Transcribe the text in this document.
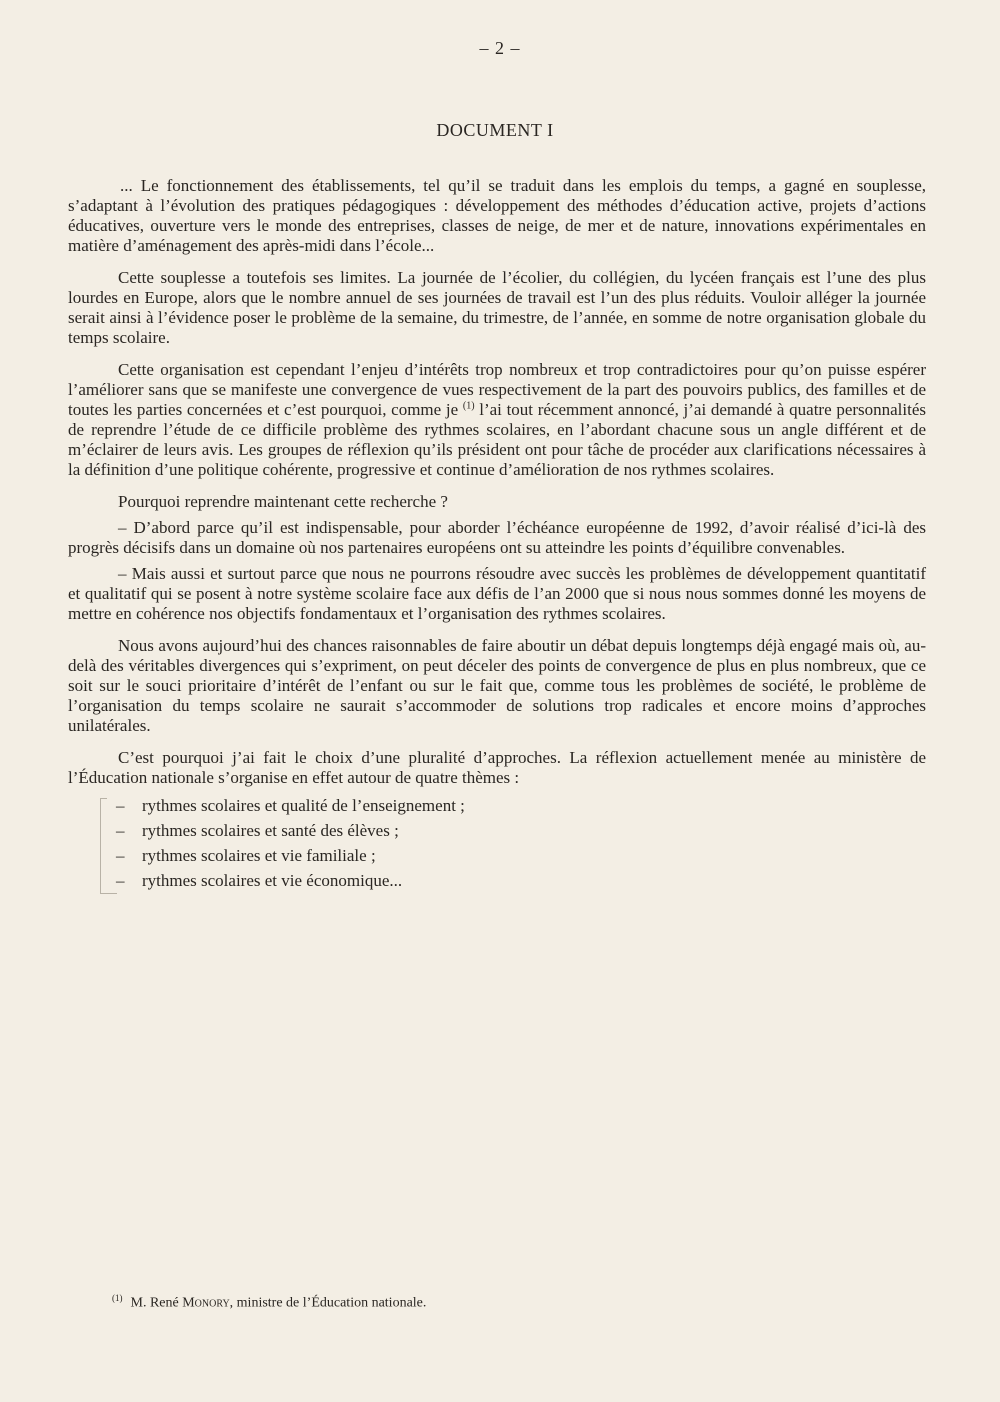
– 2 –
DOCUMENT I

... Le fonctionnement des établissements, tel qu’il se traduit dans les emplois du temps, a gagné en souplesse, s’adaptant à l’évolution des pratiques pédagogiques : développement des méthodes d’éducation active, projets d’actions éducatives, ouverture vers le monde des entreprises, classes de neige, de mer et de nature, innovations expérimentales en matière d’aménagement des après-midi dans l’école...

Cette souplesse a toutefois ses limites. La journée de l’écolier, du collégien, du lycéen français est l’une des plus lourdes en Europe, alors que le nombre annuel de ses journées de travail est l’un des plus réduits. Vouloir alléger la journée serait ainsi à l’évidence poser le problème de la semaine, du trimestre, de l’année, en somme de notre organisation globale du temps scolaire.

Cette organisation est cependant l’enjeu d’intérêts trop nombreux et trop contradictoires pour qu’on puisse espérer l’améliorer sans que se manifeste une convergence de vues respectivement de la part des pouvoirs publics, des familles et de toutes les parties concernées et c’est pourquoi, comme je $^{(1)}$ l’ai tout récemment annoncé, j’ai demandé à quatre personnalités de reprendre l’étude de ce difficile problème des rythmes scolaires, en l’abordant chacune sous un angle différent et de m’éclairer de leurs avis. Les groupes de réflexion qu’ils président ont pour tâche de procéder aux clarifications nécessaires à la définition d’une politique cohérente, progressive et continue d’amélioration de nos rythmes scolaires.

Pourquoi reprendre maintenant cette recherche ?

– D’abord parce qu’il est indispensable, pour aborder l’échéance européenne de 1992, d’avoir réalisé d’ici-là des progrès décisifs dans un domaine où nos partenaires européens ont su atteindre les points d’équilibre convenables.

– Mais aussi et surtout parce que nous ne pourrons résoudre avec succès les problèmes de développement quantitatif et qualitatif qui se posent à notre système scolaire face aux défis de l’an 2000 que si nous nous sommes donné les moyens de mettre en cohérence nos objectifs fondamentaux et l’organisation des rythmes scolaires.

Nous avons aujourd’hui des chances raisonnables de faire aboutir un débat depuis longtemps déjà engagé mais où, au-delà des véritables divergences qui s’expriment, on peut déceler des points de convergence de plus en plus nombreux, que ce soit sur le souci prioritaire d’intérêt de l’enfant ou sur le fait que, comme tous les problèmes de société, le problème de l’organisation du temps scolaire ne saurait s’accommoder de solutions trop radicales et encore moins d’approches unilatérales.

C’est pourquoi j’ai fait le choix d’une pluralité d’approches. La réflexion actuellement menée au ministère de l’Éducation nationale s’organise en effet autour de quatre thèmes :

–	rythmes scolaires et qualité de l’enseignement ;
–	rythmes scolaires et santé des élèves ;
–	rythmes scolaires et vie familiale ;
–	rythmes scolaires et vie économique...
$^{(1)}$ M. René Monory, ministre de l’Éducation nationale.
